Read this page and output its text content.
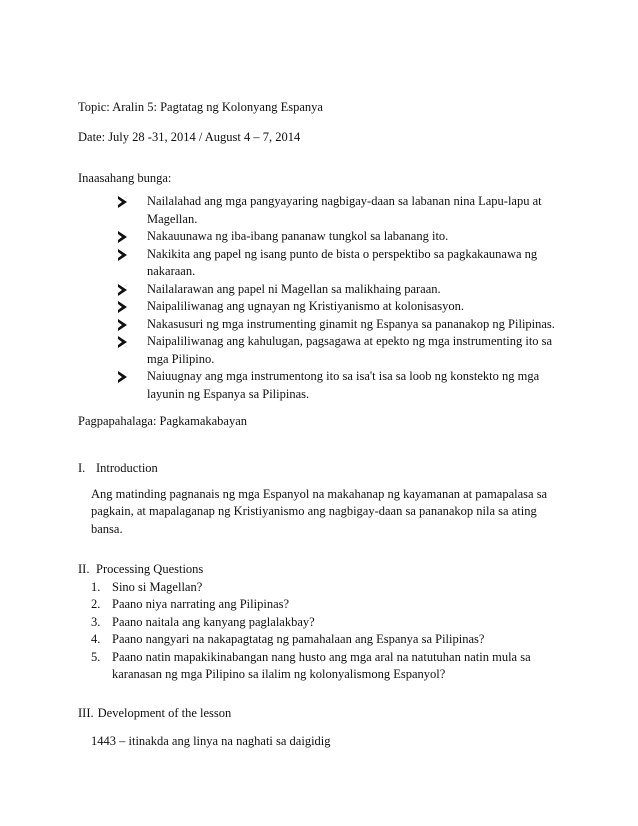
Topic: Aralin 5: Pagtatag ng Kolonyang Espanya
Date: July 28 -31, 2014 / August 4 – 7, 2014
Inaasahang bunga:
Nailalahad ang mga pangyayaring nagbigay-daan sa labanan nina Lapu-lapu at Magellan.
Nakauunawa ng iba-ibang pananaw tungkol sa labanang ito.
Nakikita ang papel ng isang punto de bista o perspektibo sa pagkakaunawa ng nakaraan.
Nailalarawan ang papel ni Magellan sa malikhaing paraan.
Naipaliliwanag ang ugnayan ng Kristiyanismo at kolonisasyon.
Nakasusuri ng mga instrumenting ginamit ng Espanya sa pananakop ng Pilipinas.
Naipaliliwanag ang kahulugan, pagsagawa at epekto ng mga instrumenting ito sa mga Pilipino.
Naiuugnay ang mga instrumentong ito sa isa't isa sa loob ng konstekto ng mga layunin ng Espanya sa Pilipinas.
Pagpapahalaga: Pagkamakabayan
I. Introduction

Ang matinding pagnanais ng mga Espanyol na makahanap ng kayamanan at pamapalasa sa pagkain, at mapalaganap ng Kristiyanismo ang nagbigay-daan sa pananakop nila sa ating bansa.

II. Processing Questions
1. Sino si Magellan?
2. Paano niya narrating ang Pilipinas?
3. Paano naitala ang kanyang paglalakbay?
4. Paano nangyari na nakapagtatag ng pamahalaan ang Espanya sa Pilipinas?
5. Paano natin mapakikinabangan nang husto ang mga aral na natutuhan natin mula sa karanasan ng mga Pilipino sa ilalim ng kolonyalismong Espanyol?
III. Development of the lesson

1443 – itinakda ang linya na naghati sa daigidig
